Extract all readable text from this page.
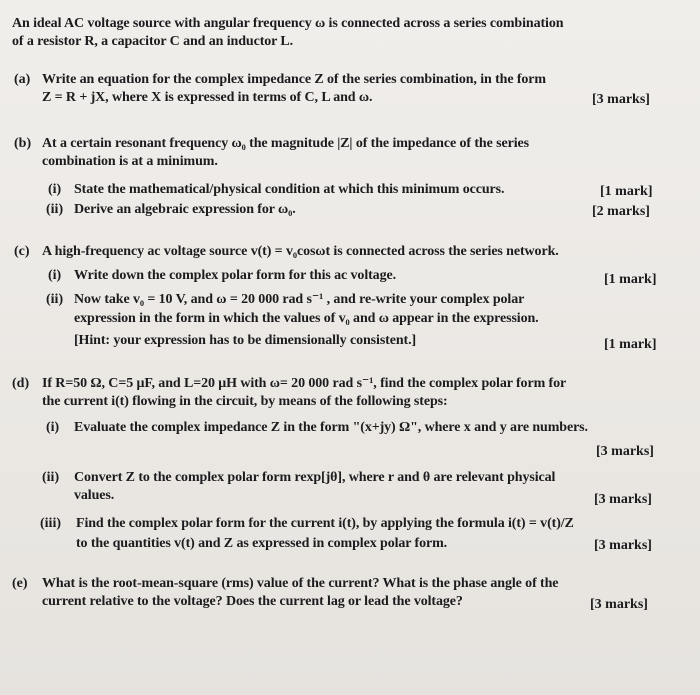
An ideal AC voltage source with angular frequency ω is connected across a series combination
of a resistor R, a capacitor C and an inductor L.
(a) Write an equation for the complex impedance Z of the series combination, in the form
Z = R + jX, where X is expressed in terms of C, L and ω.	[3 marks]
(b) At a certain resonant frequency ω₀ the magnitude |Z| of the impedance of the series
combination is at a minimum.
(i) State the mathematical/physical condition at which this minimum occurs.	[1 mark]
(ii) Derive an algebraic expression for ω₀.	[2 marks]
(c) A high-frequency ac voltage source v(t) = v₀cosωt is connected across the series network.
(i) Write down the complex polar form for this ac voltage.	[1 mark]
(ii) Now take v₀ = 10 V, and ω = 20 000 rad s⁻¹ , and re-write your complex polar
expression in the form in which the values of v₀ and ω appear in the expression.
[Hint: your expression has to be dimensionally consistent.]	[1 mark]
(d) If R=50 Ω, C=5 μF, and L=20 μH with ω= 20 000 rad s⁻¹, find the complex polar form for
the current i(t) flowing in the circuit, by means of the following steps:
(i) Evaluate the complex impedance Z in the form "(x+jy) Ω", where x and y are numbers.
[3 marks]
(ii) Convert Z to the complex polar form rexp[jθ], where r and θ are relevant physical
values.	[3 marks]
(iii) Find the complex polar form for the current i(t), by applying the formula i(t) = v(t)/Z
to the quantities v(t) and Z as expressed in complex polar form.	[3 marks]
(e) What is the root-mean-square (rms) value of the current? What is the phase angle of the
current relative to the voltage? Does the current lag or lead the voltage?	[3 marks]
